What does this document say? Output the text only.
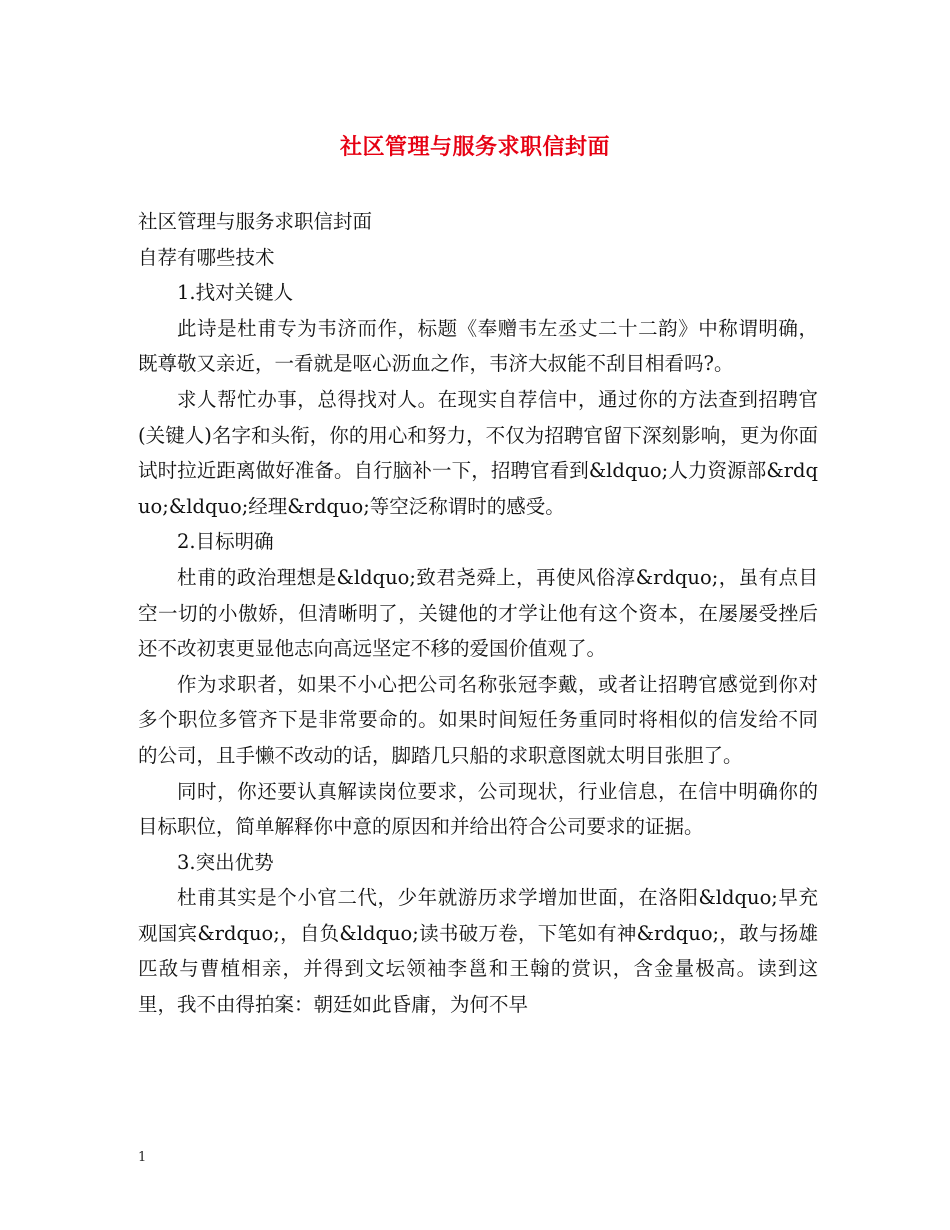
社区管理与服务求职信封面

社区管理与服务求职信封面

自荐有哪些技术

1.找对关键人

此诗是杜甫专为韦济而作，标题《奉赠韦左丞丈二十二韵》中称谓明确，既尊敬又亲近，一看就是呕心沥血之作，韦济大叔能不刮目相看吗?。

求人帮忙办事，总得找对人。在现实自荐信中，通过你的方法查到招聘官(关键人)名字和头衔，你的用心和努力，不仅为招聘官留下深刻影响，更为你面试时拉近距离做好准备。自行脑补一下，招聘官看到&ldquo;人力资源部&rdquo;&ldquo;经理&rdquo;等空泛称谓时的感受。

2.目标明确

杜甫的政治理想是&ldquo;致君尧舜上，再使风俗淳&rdquo;，虽有点目空一切的小傲娇，但清晰明了，关键他的才学让他有这个资本，在屡屡受挫后还不改初衷更显他志向高远坚定不移的爱国价值观了。

作为求职者，如果不小心把公司名称张冠李戴，或者让招聘官感觉到你对多个职位多管齐下是非常要命的。如果时间短任务重同时将相似的信发给不同的公司，且手懒不改动的话，脚踏几只船的求职意图就太明目张胆了。

同时，你还要认真解读岗位要求，公司现状，行业信息，在信中明确你的目标职位，简单解释你中意的原因和并给出符合公司要求的证据。

3.突出优势

杜甫其实是个小官二代，少年就游历求学增加世面，在洛阳&ldquo;早充观国宾&rdquo;，自负&ldquo;读书破万卷，下笔如有神&rdquo;，敢与扬雄匹敌与曹植相亲，并得到文坛领袖李邕和王翰的赏识，含金量极高。读到这里，我不由得拍案：朝廷如此昏庸，为何不早

1
